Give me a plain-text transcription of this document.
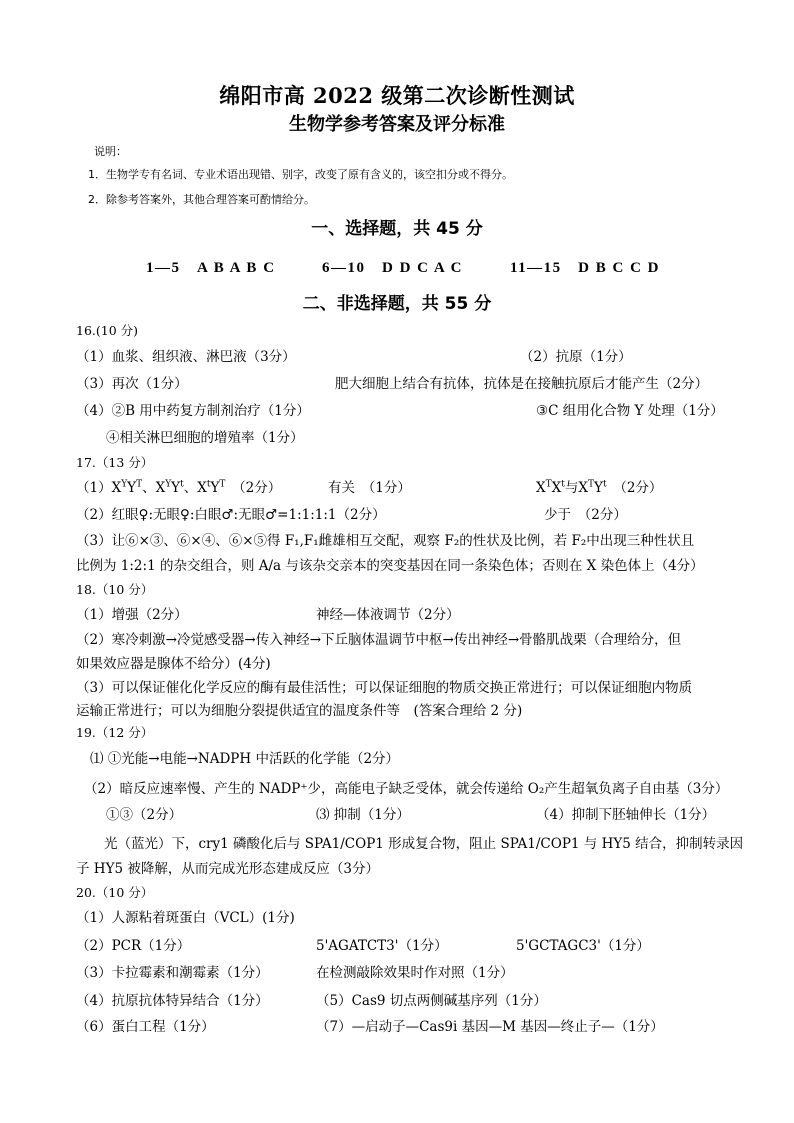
绵阳市高 2022 级第二次诊断性测试
生物学参考答案及评分标准
说明：
1．生物学专有名词、专业术语出现错、别字，改变了原有含义的，该空扣分或不得分。
2．除参考答案外，其他合理答案可酌情给分。
一、选择题，共 45 分
1—5　A B A B C	6—10　D D C A C	11—15　D B C C D
二、非选择题，共 55 分
16.(10 分)
（1）血浆、组织液、淋巴液（3分）	（2）抗原（1分）
（3）再次（1分）	肥大细胞上结合有抗体，抗体是在接触抗原后才能产生（2分）
（4）②B 用中药复方制剂治疗（1分）	③C 组用化合物 Y 处理（1分）
④相关淋巴细胞的增殖率（1分）
17.（13 分）
$(1)X^YY^T$、$X^YY^t$、$X^tY^T$　（2分）	有关　（1分）	$X^TX^t$与$X^TY^t$　 （2分）
（2）红眼♀:无眼♀:白眼♂:无眼♂=1:1:1:1（2分）	少于　（2分）
（3）让⑥×③、⑥×④、⑥×⑤得 F₁,F₁雌雄相互交配，观察 F₂的性状及比例，若 F₂中出现三种性状且
比例为 1:2:1 的杂交组合，则 A/a 与该杂交亲本的突变基因在同一条染色体；否则在 X 染色体上（4分）
18.（10 分）
（1）增强（2分）	神经—体液调节（2分）
（2）寒冷刺激→冷觉感受器→传入神经→下丘脑体温调节中枢→传出神经→骨骼肌战栗（合理给分，但
如果效应器是腺体不给分）(4分)
（3）可以保证催化化学反应的酶有最佳活性；可以保证细胞的物质交换正常进行；可以保证细胞内物质
运输正常进行；可以为细胞分裂提供适宜的温度条件等　(答案合理给 2 分)
19.（12 分）
⑴ ①光能→电能→NADPH 中活跃的化学能（2分）
（2）暗反应速率慢、产生的 NADP⁺少，高能电子缺乏受体，就会传递给 O₂产生超氧负离子自由基（3分）
①③（2分）	⑶ 抑制（1分）	（4）抑制下胚轴伸长（1分）
光（蓝光）下，cry1 磷酸化后与 SPA1/COP1 形成复合物，阻止 SPA1/COP1 与 HY5 结合，抑制转录因
子 HY5 被降解，从而完成光形态建成反应（3分）
20.（10 分）
（1）人源粘着斑蛋白（VCL）(1分)
（2）PCR（1分）	5'AGATCT3'（1分）	5'GCTAGC3'（1分）
（3）卡拉霉素和潮霉素（1分）	在检测敲除效果时作对照（1分）
（4）抗原抗体特异结合（1分）	（5）Cas9 切点两侧碱基序列（1分）
（6）蛋白工程（1分）	（7）—启动子—Cas9i 基因—M 基因—终止子—（1分）
